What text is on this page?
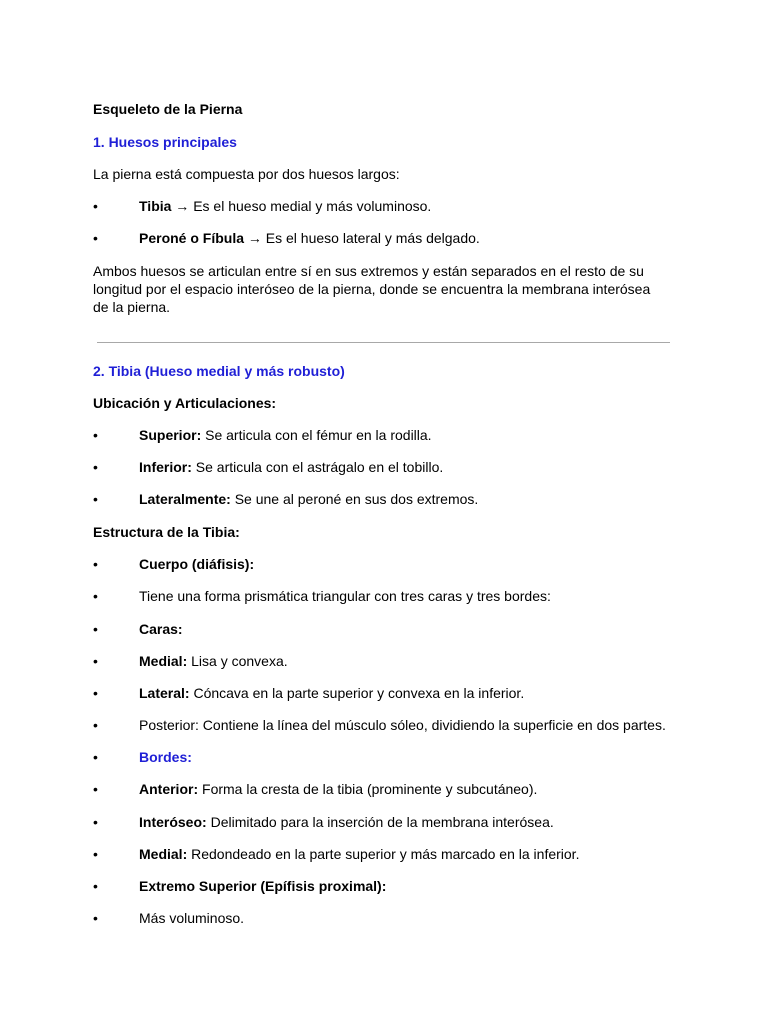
Esqueleto de la Pierna
1. Huesos principales
La pierna está compuesta por dos huesos largos:
•	Tibia → Es el hueso medial y más voluminoso.
•	Peroné o Fíbula → Es el hueso lateral y más delgado.
Ambos huesos se articulan entre sí en sus extremos y están separados en el resto de su
longitud por el espacio interóseo de la pierna, donde se encuentra la membrana interósea
de la pierna.
2. Tibia (Hueso medial y más robusto)
Ubicación y Articulaciones:
•	Superior: Se articula con el fémur en la rodilla.
•	Inferior: Se articula con el astrágalo en el tobillo.
•	Lateralmente: Se une al peroné en sus dos extremos.
Estructura de la Tibia:
•	Cuerpo (diáfisis):
•	Tiene una forma prismática triangular con tres caras y tres bordes:
•	Caras:
•	Medial: Lisa y convexa.
•	Lateral: Cóncava en la parte superior y convexa en la inferior.
•	Posterior: Contiene la línea del músculo sóleo, dividiendo la superficie en dos partes.
•	Bordes:
•	Anterior: Forma la cresta de la tibia (prominente y subcutáneo).
•	Interóseo: Delimitado para la inserción de la membrana interósea.
•	Medial: Redondeado en la parte superior y más marcado en la inferior.
•	Extremo Superior (Epífisis proximal):
•	Más voluminoso.
